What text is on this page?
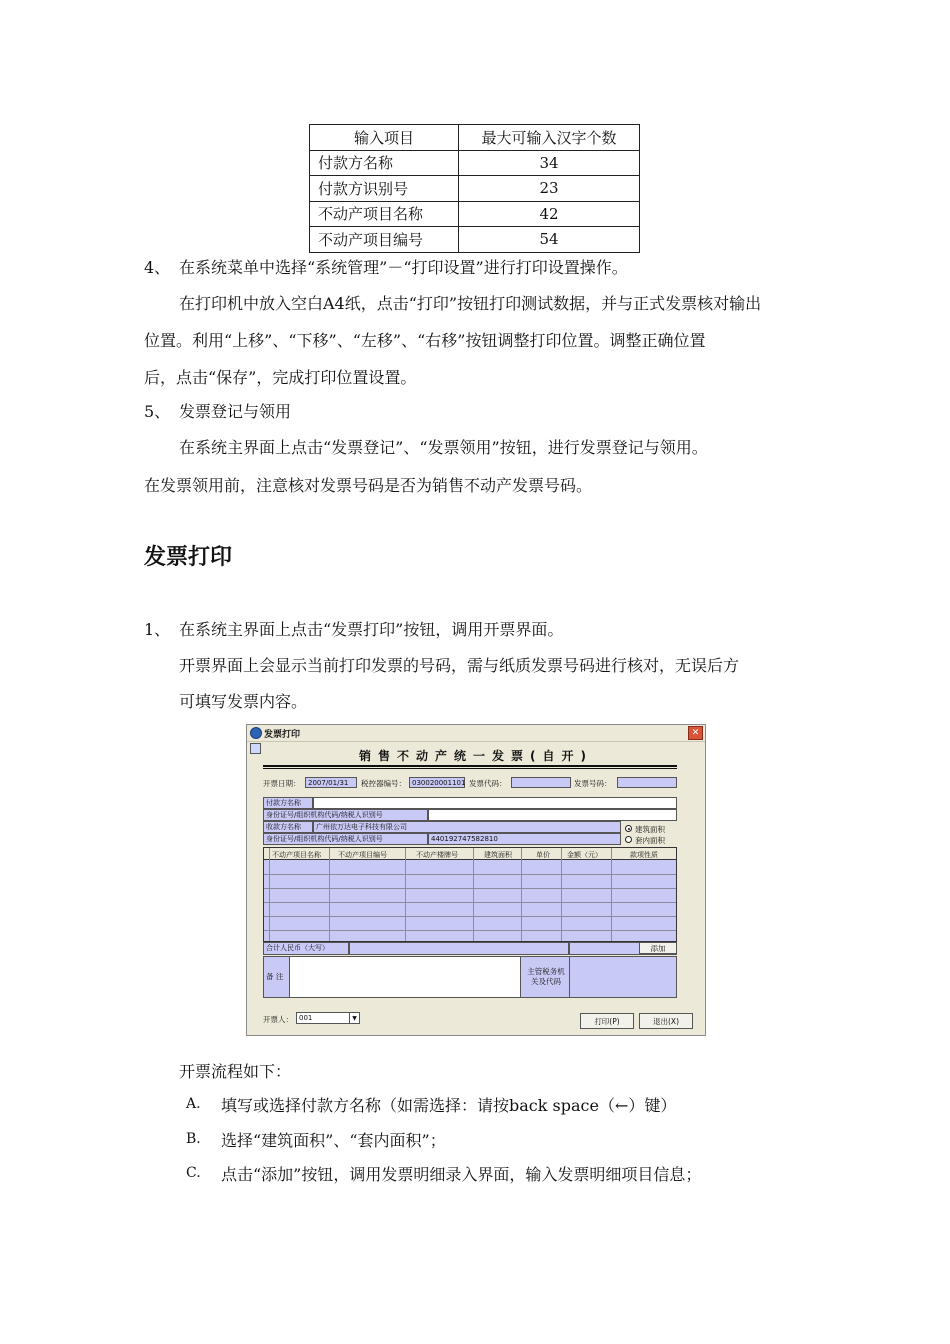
输入项目	最大可输入汉字个数
付款方名称	34
付款方识别号	23
不动产项目名称	42
不动产项目编号	54
4、 在系统菜单中选择“系统管理”－“打印设置”进行打印设置操作。
在打印机中放入空白A4纸，点击“打印”按钮打印测试数据，并与正式发票核对输出
位置。利用“上移”、“下移”、“左移”、“右移”按钮调整打印位置。调整正确位置
后，点击“保存”，完成打印位置设置。
5、 发票登记与领用
在系统主界面上点击“发票登记”、“发票领用”按钮，进行发票登记与领用。
在发票领用前，注意核对发票号码是否为销售不动产发票号码。
发票打印
1、 在系统主界面上点击“发票打印”按钮，调用开票界面。
开票界面上会显示当前打印发票的号码，需与纸质发票号码进行核对，无误后方
可填写发票内容。
发票打印	✕
销售不动产统一发票(自开)
开票日期：	2007/01/31	税控器编号： 030020001101 发票代码：	发票号码：
付款方名称
身份证号/组织机构代码/纳税人识别号
收款方名称	广州依万达电子科技有限公司
身份证号/组织机构代码/纳税人识别号	440192747582810
建筑面积
套内面积
不动产项目名称 不动产项目编号	不动产楼牌号	建筑面积	单价 金额（元）	款项性质
合计人民币（大写）	添加
备 注
主管税务机关及代码
开票人： 001	▼	打印(P)	退出(X)
开票流程如下：
A. 填写或选择付款方名称（如需选择：请按back space（←）键）
B. 选择“建筑面积”、“套内面积”；
C. 点击“添加”按钮，调用发票明细录入界面，输入发票明细项目信息；
